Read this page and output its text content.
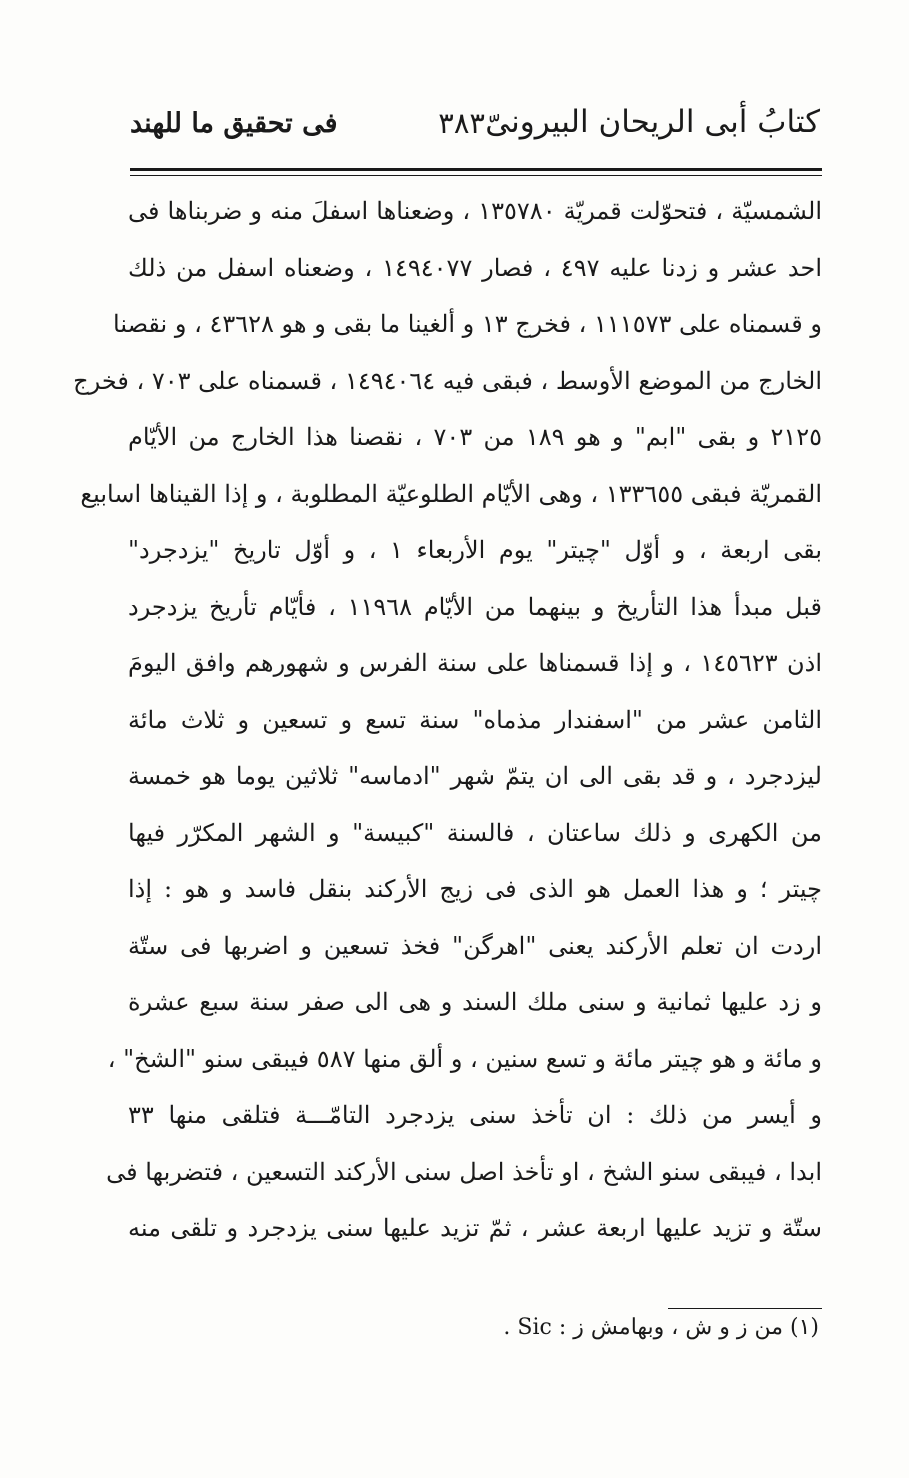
كتابُ أبى الريحان البيرونىّ
٣٨٣
فى تحقيق ما للهند
الشمسيّة ، فتحوّلت قمريّة ١٣٥٧٨٠ ، وضعناها اسفلَ منه و ضربناها فى
احد عشر و زدنا عليه ٤٩٧ ، فصار ١٤٩٤٠٧٧ ، وضعناه اسفل من ذلك
و قسمناه على ١١١٥٧٣ ، فخرج ١٣ و ألغينا ما بقى و هو ٤٣٦٢٨ ، و نقصنا
الخارج من الموضع الأوسط ، فبقى فيه ١٤٩٤٠٦٤ ، قسمناه على ٧٠٣ ، فخرج
٢١٢٥ و بقى "ابم" و هو ١٨٩ من ٧٠٣ ، نقصنا هذا الخارج من الأيّام
القمريّة فبقى ١٣٣٦٥٥ ، وهى الأيّام الطلوعيّة المطلوبة ، و إذا القيناها اسابيع
بقى اربعة ، و أوّل "چيتر" يوم الأربعاء ١ ، و أوّل تاريخ "يزدجرد"
قبل مبدأ هذا التأريخ و بينهما من الأيّام ١١٩٦٨ ، فأيّام تأريخ يزدجرد
اذن ١٤٥٦٢٣ ، و إذا قسمناها على سنة الفرس و شهورهم وافق اليومَ
الثامن عشر من "اسفندار مذماه" سنة تسع و تسعين و ثلاث مائة
ليزدجرد ، و قد بقى الى ان يتمّ شهر "ادماسه" ثلاثين يوما هو خمسة
من الكهرى و ذلك ساعتان ، فالسنة "كبيسة" و الشهر المكرّر فيها
چيتر ؛ و هذا العمل هو الذى فى زيج الأركند بنقل فاسد و هو : إذا
اردت ان تعلم الأركند يعنى "اهرگن" فخذ تسعين و اضربها فى ستّة
و زد عليها ثمانية و سنى ملك السند و هى الى صفر سنة سبع عشرة
و مائة و هو چيتر مائة و تسع سنين ، و ألق منها ٥٨٧ فيبقى سنو "الشخ" ،
و أيسر من ذلك : ان تأخذ سنى يزدجرد التامّـــة فتلقى منها ٣٣
ابدا ، فيبقى سنو الشخ ، او تأخذ اصل سنى الأركند التسعين ، فتضربها فى
ستّة و تزيد عليها اربعة عشر ، ثمّ تزيد عليها سنى يزدجرد و تلقى منه
(١) من ز و ش ، وبهامش ز : Sic .
